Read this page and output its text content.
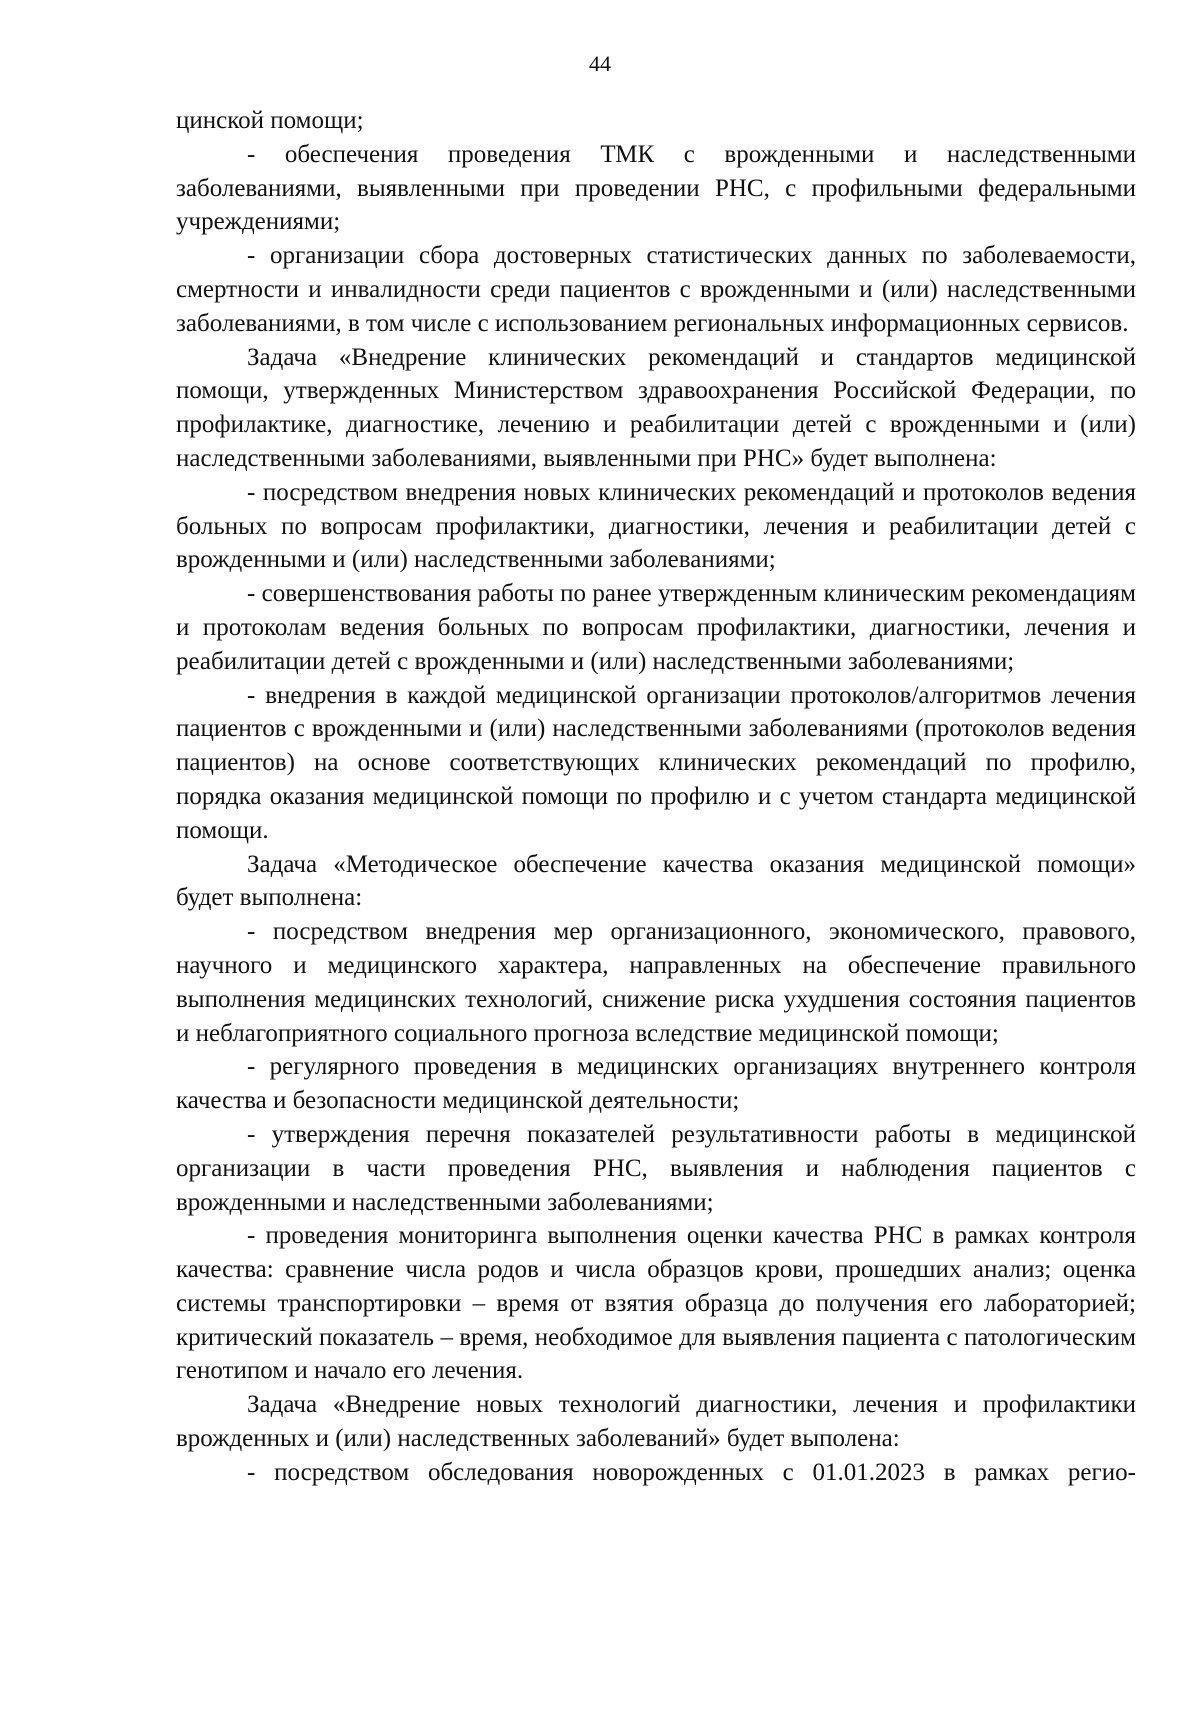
44

цинской помощи;

- обеспечения проведения ТМК с врожденными и наследственными заболеваниями, выявленными при проведении РНС, с профильными федеральными учреждениями;

- организации сбора достоверных статистических данных по заболеваемости, смертности и инвалидности среди пациентов с врожденными и (или) наследственными заболеваниями, в том числе с использованием региональных информационных сервисов.

Задача «Внедрение клинических рекомендаций и стандартов медицинской помощи, утвержденных Министерством здравоохранения Российской Федерации, по профилактике, диагностике, лечению и реабилитации детей с врожденными и (или) наследственными заболеваниями, выявленными при РНС» будет выполнена:

- посредством внедрения новых клинических рекомендаций и протоколов ведения больных по вопросам профилактики, диагностики, лечения и реабилитации детей с врожденными и (или) наследственными заболеваниями;

- совершенствования работы по ранее утвержденным клиническим рекомендациям и протоколам ведения больных по вопросам профилактики, диагностики, лечения и реабилитации детей с врожденными и (или) наследственными заболеваниями;

- внедрения в каждой медицинской организации протоколов/алгоритмов лечения пациентов с врожденными и (или) наследственными заболеваниями (протоколов ведения пациентов) на основе соответствующих клинических рекомендаций по профилю, порядка оказания медицинской помощи по профилю и с учетом стандарта медицинской помощи.

Задача «Методическое обеспечение качества оказания медицинской помощи» будет выполнена:

- посредством внедрения мер организационного, экономического, правового, научного и медицинского характера, направленных на обеспечение правильного выполнения медицинских технологий, снижение риска ухудшения состояния пациентов и неблагоприятного социального прогноза вследствие медицинской помощи;

- регулярного проведения в медицинских организациях внутреннего контроля качества и безопасности медицинской деятельности;

- утверждения перечня показателей результативности работы в медицинской организации в части проведения РНС, выявления и наблюдения пациентов с врожденными и наследственными заболеваниями;

- проведения мониторинга выполнения оценки качества РНС в рамках контроля качества: сравнение числа родов и числа образцов крови, прошедших анализ; оценка системы транспортировки – время от взятия образца до получения его лабораторией; критический показатель – время, необходимое для выявления пациента с патологическим генотипом и начало его лечения.

Задача «Внедрение новых технологий диагностики, лечения и профилактики врожденных и (или) наследственных заболеваний» будет выполена:

- посредством обследования новорожденных с 01.01.2023 в рамках регио-
